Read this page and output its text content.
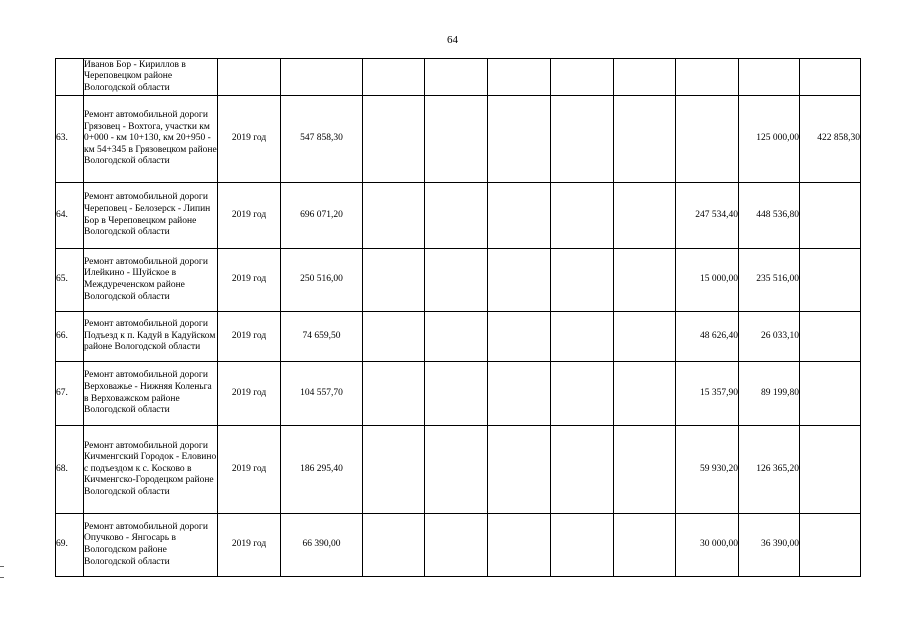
64
	Иванов Бор - Кириллов в Череповецком районе Вологодской области										
63.	Ремонт автомобильной дороги Грязовец - Вохтога, участки км 0+000 - км 10+130, км 20+950 - км 54+345 в Грязовецком районе Вологодской области	2019 год	547 858,30							125 000,00	422 858,30
64.	Ремонт автомобильной дороги Череповец - Белозерск - Липин Бор в Череповецком районе Вологодской области	2019 год	696 071,20						247 534,40	448 536,80	
65.	Ремонт автомобильной дороги Илейкино - Шуйское в Междуреченском районе Вологодской области	2019 год	250 516,00						15 000,00	235 516,00	
66.	Ремонт автомобильной дороги Подъезд к п. Кадуй в Кадуйском районе Вологодской области	2019 год	74 659,50						48 626,40	26 033,10	
67.	Ремонт автомобильной дороги Верховажье - Нижняя Коленьга в Верховажском районе Вологодской области	2019 год	104 557,70						15 357,90	89 199,80	
68.	Ремонт автомобильной дороги Кичменгский Городок - Еловино с подъездом к с. Косково в Кичменгско-Городецком районе Вологодской области	2019 год	186 295,40						59 930,20	126 365,20	
69.	Ремонт автомобильной дороги Опучково - Янгосарь в Вологодском районе Вологодской области	2019 год	66 390,00						30 000,00	36 390,00	
